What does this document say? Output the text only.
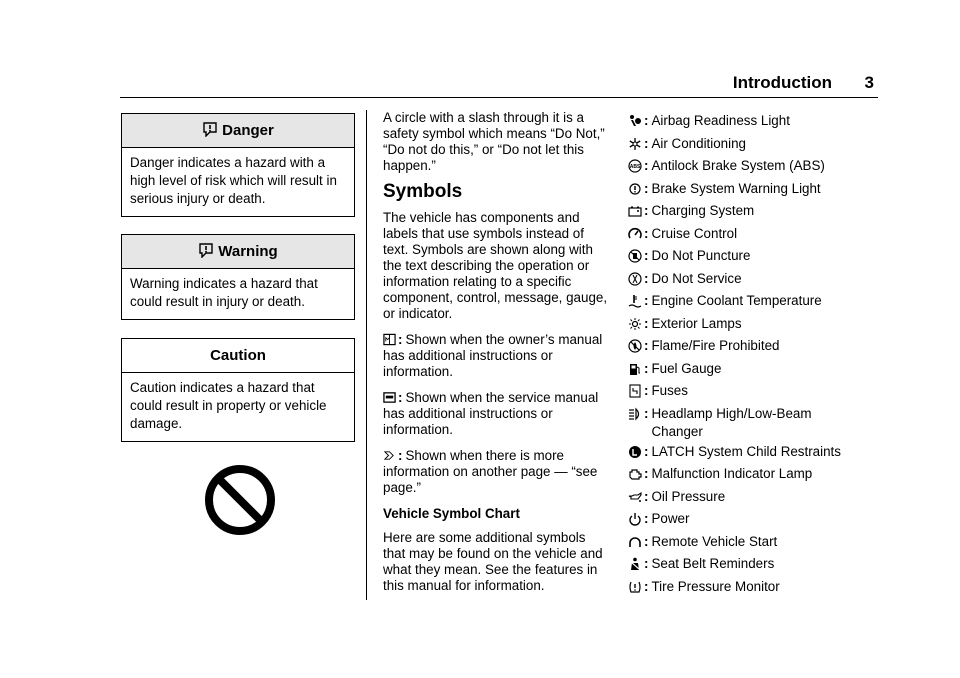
Introduction 3
Danger
Danger indicates a hazard with a high level of risk which will result in serious injury or death.
Warning
Warning indicates a hazard that could result in injury or death.
Caution
Caution indicates a hazard that could result in property or vehicle damage.

A circle with a slash through it is a safety symbol which means “Do Not,” “Do not do this,” or “Do not let this happen.”

Symbols

The vehicle has components and labels that use symbols instead of text. Symbols are shown along with the text describing the operation or information relating to a specific component, control, message, gauge, or indicator.

: Shown when the owner’s manual has additional instructions or information.

: Shown when the service manual has additional instructions or information.

: Shown when there is more information on another page — “see page.”

Vehicle Symbol Chart

Here are some additional symbols that may be found on the vehicle and what they mean. See the features in this manual for information.

: Airbag Readiness Light
: Air Conditioning
ABS : Antilock Brake System (ABS)
: Brake System Warning Light
: Charging System
: Cruise Control
: Do Not Puncture
: Do Not Service
: Engine Coolant Temperature
: Exterior Lamps
: Flame/Fire Prohibited
: Fuel Gauge
: Fuses
: Headlamp High/Low-Beam Changer
: LATCH System Child Restraints
: Malfunction Indicator Lamp
: Oil Pressure
: Power
: Remote Vehicle Start
: Seat Belt Reminders
: Tire Pressure Monitor
